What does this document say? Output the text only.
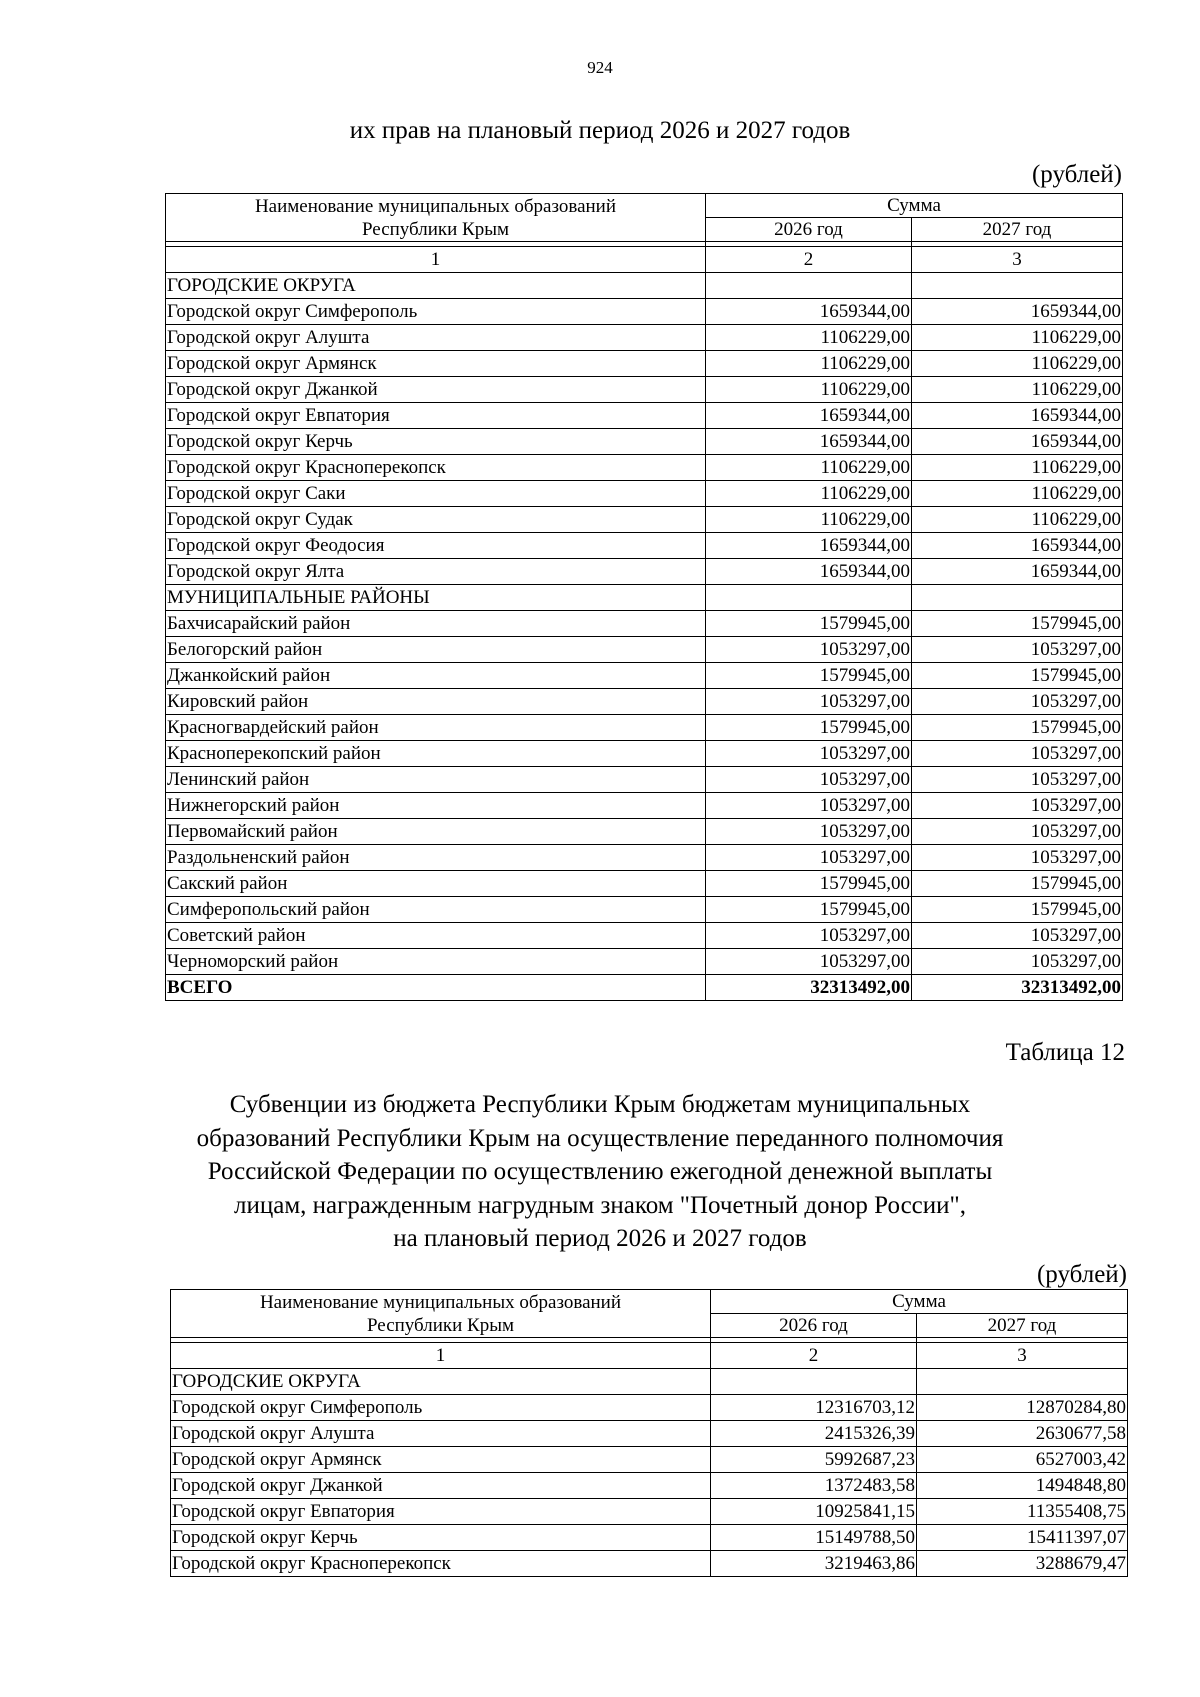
924
их прав на плановый период 2026 и 2027 годов
(рублей)
Наименование муниципальных образований
Республики Крым	Сумма	
	2026 год	2027 год

1	2	3
ГОРОДСКИЕ ОКРУГА		
Городской округ Симферополь	1659344,00	1659344,00
Городской округ Алушта	1106229,00	1106229,00
Городской округ Армянск	1106229,00	1106229,00
Городской округ Джанкой	1106229,00	1106229,00
Городской округ Евпатория	1659344,00	1659344,00
Городской округ Керчь	1659344,00	1659344,00
Городской округ Красноперекопск	1106229,00	1106229,00
Городской округ Саки	1106229,00	1106229,00
Городской округ Судак	1106229,00	1106229,00
Городской округ Феодосия	1659344,00	1659344,00
Городской округ Ялта	1659344,00	1659344,00
МУНИЦИПАЛЬНЫЕ РАЙОНЫ		
Бахчисарайский район	1579945,00	1579945,00
Белогорский район	1053297,00	1053297,00
Джанкойский район	1579945,00	1579945,00
Кировский район	1053297,00	1053297,00
Красногвардейский район	1579945,00	1579945,00
Красноперекопский район	1053297,00	1053297,00
Ленинский район	1053297,00	1053297,00
Нижнегорский район	1053297,00	1053297,00
Первомайский район	1053297,00	1053297,00
Раздольненский район	1053297,00	1053297,00
Сакский район	1579945,00	1579945,00
Симферопольский район	1579945,00	1579945,00
Советский район	1053297,00	1053297,00
Черноморский район	1053297,00	1053297,00
ВСЕГО	32313492,00	32313492,00
Таблица 12
Субвенции из бюджета Республики Крым бюджетам муниципальных
образований Республики Крым на осуществление переданного полномочия
Российской Федерации по осуществлению ежегодной денежной выплаты
лицам, награжденным нагрудным знаком "Почетный донор России",
на плановый период 2026 и 2027 годов
(рублей)
Наименование муниципальных образований
Республики Крым	Сумма	
	2026 год	2027 год

1	2	3
ГОРОДСКИЕ ОКРУГА		
Городской округ Симферополь	12316703,12	12870284,80
Городской округ Алушта	2415326,39	2630677,58
Городской округ Армянск	5992687,23	6527003,42
Городской округ Джанкой	1372483,58	1494848,80
Городской округ Евпатория	10925841,15	11355408,75
Городской округ Керчь	15149788,50	15411397,07
Городской округ Красноперекопск	3219463,86	3288679,47
